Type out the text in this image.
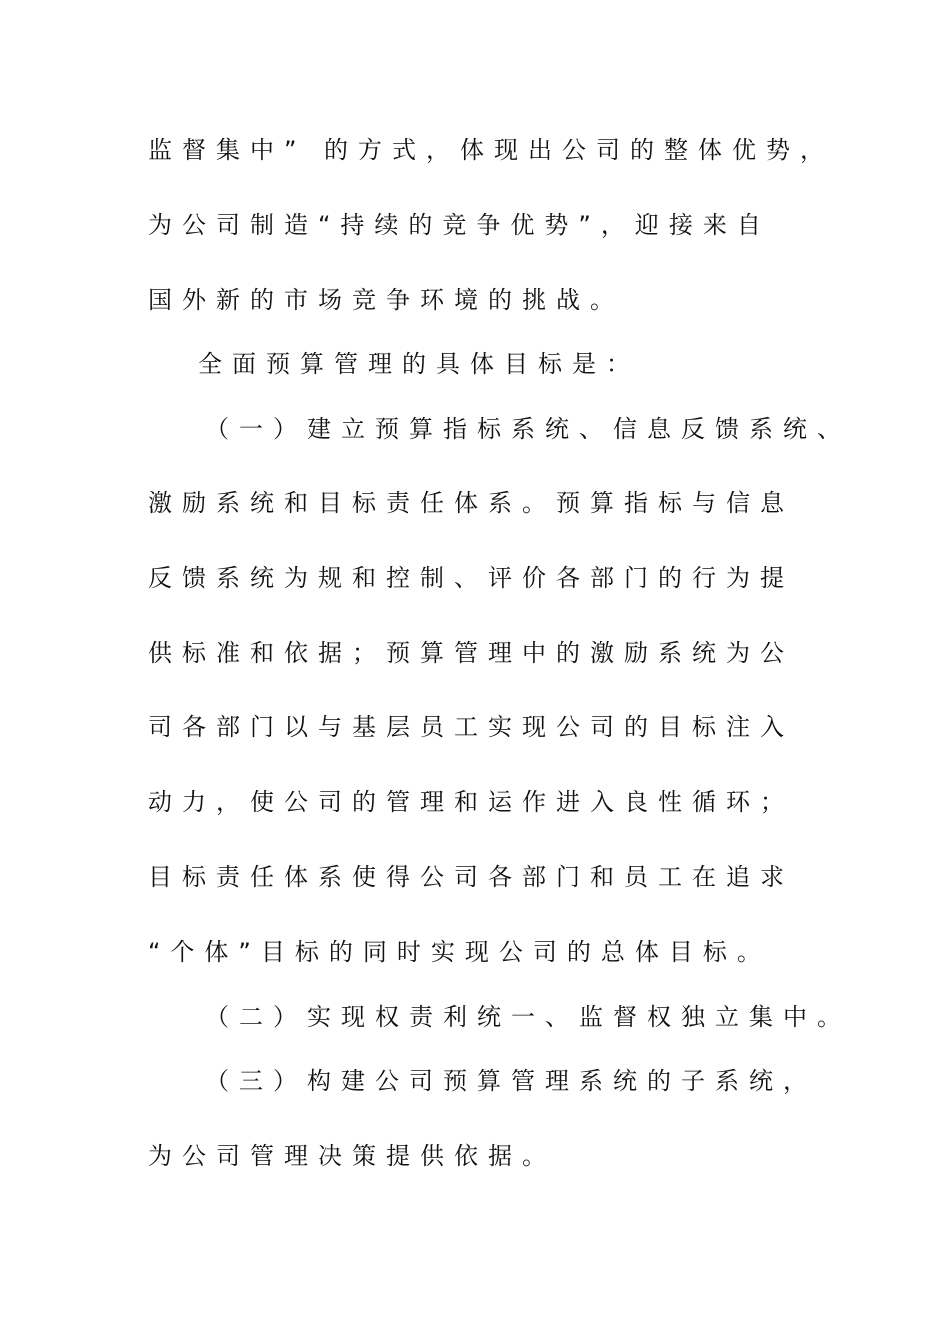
监督集中” 的方式，体现出公司的整体优势，
为公司制造“持续的竞争优势”，迎接来自
国外新的市场竞争环境的挑战。
全面预算管理的具体目标是：
（一）建立预算指标系统、信息反馈系统、
激励系统和目标责任体系。预算指标与信息
反馈系统为规和控制、评价各部门的行为提
供标准和依据；预算管理中的激励系统为公
司各部门以与基层员工实现公司的目标注入
动力，使公司的管理和运作进入良性循环；
目标责任体系使得公司各部门和员工在追求
“个体”目标的同时实现公司的总体目标。
（二）实现权责利统一、监督权独立集中。
（三）构建公司预算管理系统的子系统，
为公司管理决策提供依据。
